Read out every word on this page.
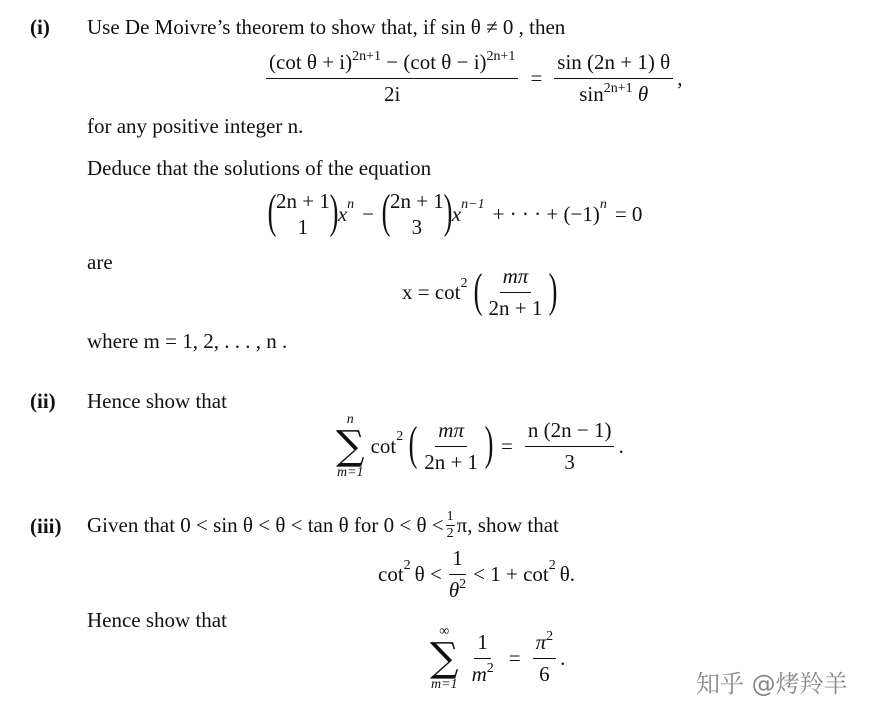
(i) Use De Moivre’s theorem to show that, if sin θ ≠ 0 , then
$\frac{(\cot \theta + i)^{2n+1} - (\cot \theta - i)^{2n+1}}{2i} = \frac{\sin (2n + 1) \theta}{\sin^{2n+1} \theta}$ ,
for any positive integer n.
Deduce that the solutions of the equation
( 2n + 1
1 ) x $^n$ − ( 2n + 1
3 ) x $^{n-1}$ + · · · + (−1) $^n$ = 0
are
$x = \cot^2$ ( $\frac{m\pi}{2n + 1}$ )
where m = 1, 2, . . . , n .
(ii) Hence show that
n
∑
m=1
$\cot^2$ ( $\frac{m\pi}{2n + 1}$ ) = $\frac{n (2n - 1)}{3}$ .
(iii) Given that 0 < sin θ < θ < tan θ for $0 < \theta < \frac{1}{2} \pi$, show that
$\cot^2 \theta < \frac{1}{\theta^2} < 1 + \cot^2 \theta$.
Hence show that	∞
∑
$m=1 \frac{1}{m^2} = \frac{\pi^2}{6}$ .
知乎 @烤羚羊
